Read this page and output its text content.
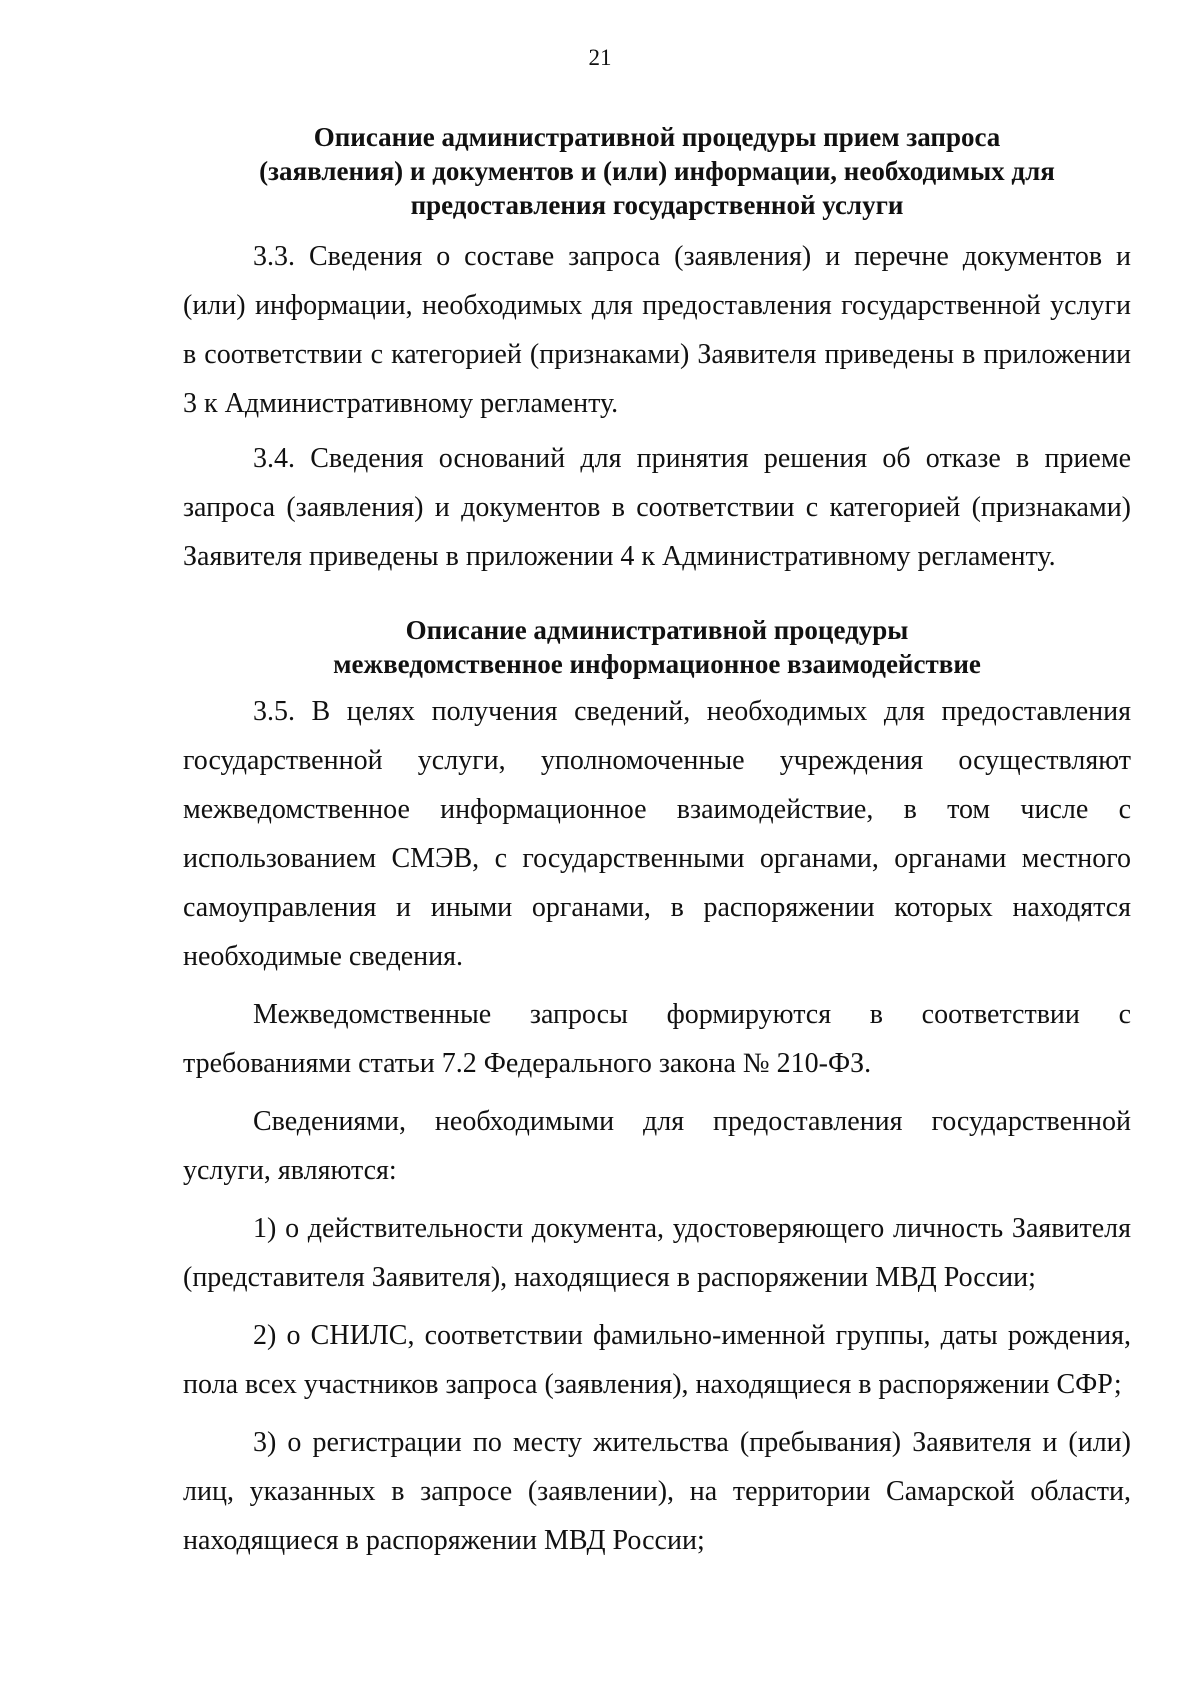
21
Описание административной процедуры прием запроса
(заявления) и документов и (или) информации, необходимых для
предоставления государственной услуги

3.3. Сведения о составе запроса (заявления) и перечне документов и (или) информации, необходимых для предоставления государственной услуги в соответствии с категорией (признаками) Заявителя приведены в приложении 3 к Административному регламенту.

3.4. Сведения оснований для принятия решения об отказе в приеме запроса (заявления) и документов в соответствии с категорией (признаками) Заявителя приведены в приложении 4 к Административному регламенту.

Описание административной процедуры
межведомственное информационное взаимодействие

3.5. В целях получения сведений, необходимых для предоставления государственной услуги, уполномоченные учреждения осуществляют межведомственное информационное взаимодействие, в том числе с использованием СМЭВ, с государственными органами, органами местного самоуправления и иными органами, в распоряжении которых находятся необходимые сведения.

Межведомственные запросы формируются в соответствии с требованиями статьи 7.2 Федерального закона № 210-ФЗ.

Сведениями, необходимыми для предоставления государственной услуги, являются:

1) о действительности документа, удостоверяющего личность Заявителя (представителя Заявителя), находящиеся в распоряжении МВД России;

2) о СНИЛС, соответствии фамильно-именной группы, даты рождения, пола всех участников запроса (заявления), находящиеся в распоряжении СФР;

3) о регистрации по месту жительства (пребывания) Заявителя и (или) лиц, указанных в запросе (заявлении), на территории Самарской области, находящиеся в распоряжении МВД России;
